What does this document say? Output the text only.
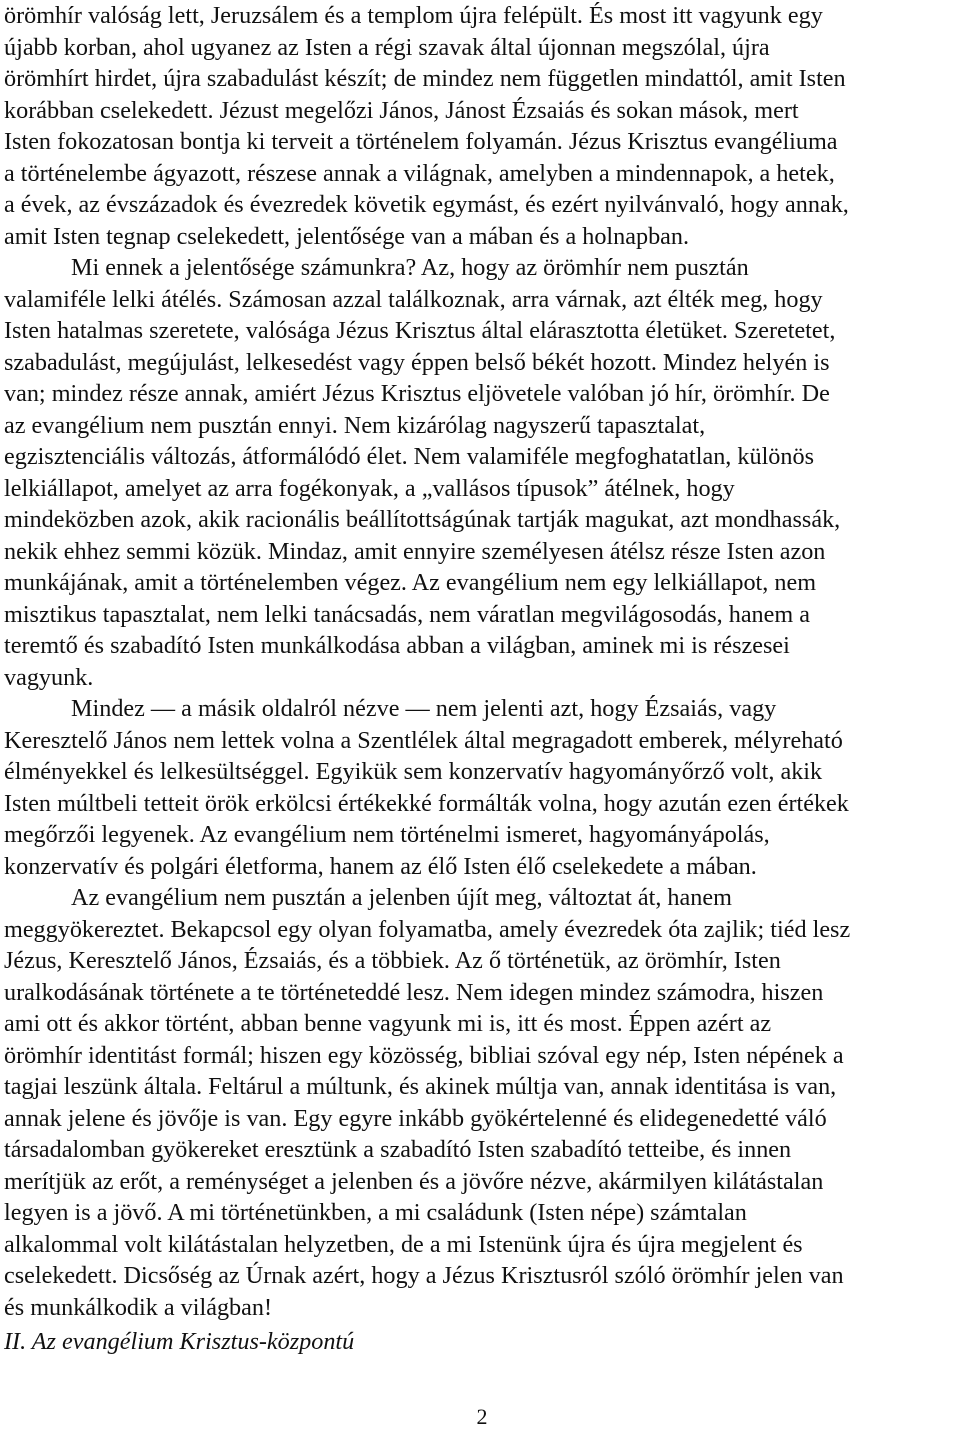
örömhír valóság lett, Jeruzsálem és a templom újra felépült. És most itt vagyunk egy
újabb korban, ahol ugyanez az Isten a régi szavak által újonnan megszólal, újra
örömhírt hirdet, újra szabadulást készít; de mindez nem független mindattól, amit Isten
korábban cselekedett. Jézust megelőzi János, Jánost Ézsaiás és sokan mások, mert
Isten fokozatosan bontja ki terveit a történelem folyamán. Jézus Krisztus evangéliuma
a történelembe ágyazott, részese annak a világnak, amelyben a mindennapok, a hetek,
a évek, az évszázadok és évezredek követik egymást, és ezért nyilvánvaló, hogy annak,
amit Isten tegnap cselekedett, jelentősége van a mában és a holnapban.
Mi ennek a jelentősége számunkra? Az, hogy az örömhír nem pusztán
valamiféle lelki átélés. Számosan azzal találkoznak, arra várnak, azt élték meg, hogy
Isten hatalmas szeretete, valósága Jézus Krisztus által elárasztotta életüket. Szeretetet,
szabadulást, megújulást, lelkesedést vagy éppen belső békét hozott. Mindez helyén is
van; mindez része annak, amiért Jézus Krisztus eljövetele valóban jó hír, örömhír. De
az evangélium nem pusztán ennyi. Nem kizárólag nagyszerű tapasztalat,
egzisztenciális változás, átformálódó élet. Nem valamiféle megfoghatatlan, különös
lelkiállapot, amelyet az arra fogékonyak, a „vallásos típusok” átélnek, hogy
mindeközben azok, akik racionális beállítottságúnak tartják magukat, azt mondhassák,
nekik ehhez semmi közük. Mindaz, amit ennyire személyesen átélsz része Isten azon
munkájának, amit a történelemben végez. Az evangélium nem egy lelkiállapot, nem
misztikus tapasztalat, nem lelki tanácsadás, nem váratlan megvilágosodás, hanem a
teremtő és szabadító Isten munkálkodása abban a világban, aminek mi is részesei
vagyunk.
Mindez — a másik oldalról nézve — nem jelenti azt, hogy Ézsaiás, vagy
Keresztelő János nem lettek volna a Szentlélek által megragadott emberek, mélyreható
élményekkel és lelkesültséggel. Egyikük sem konzervatív hagyományőrző volt, akik
Isten múltbeli tetteit örök erkölcsi értékekké formálták volna, hogy azután ezen értékek
megőrzői legyenek. Az evangélium nem történelmi ismeret, hagyományápolás,
konzervatív és polgári életforma, hanem az élő Isten élő cselekedete a mában.
Az evangélium nem pusztán a jelenben újít meg, változtat át, hanem
meggyökereztet. Bekapcsol egy olyan folyamatba, amely évezredek óta zajlik; tiéd lesz
Jézus, Keresztelő János, Ézsaiás, és a többiek. Az ő történetük, az örömhír, Isten
uralkodásának története a te történeteddé lesz. Nem idegen mindez számodra, hiszen
ami ott és akkor történt, abban benne vagyunk mi is, itt és most. Éppen azért az
örömhír identitást formál; hiszen egy közösség, bibliai szóval egy nép, Isten népének a
tagjai leszünk általa. Feltárul a múltunk, és akinek múltja van, annak identitása is van,
annak jelene és jövője is van. Egy egyre inkább gyökértelenné és elidegenedetté váló
társadalomban gyökereket eresztünk a szabadító Isten szabadító tetteibe, és innen
merítjük az erőt, a reménységet a jelenben és a jövőre nézve, akármilyen kilátástalan
legyen is a jövő. A mi történetünkben, a mi családunk (Isten népe) számtalan
alkalommal volt kilátástalan helyzetben, de a mi Istenünk újra és újra megjelent és
cselekedett. Dicsőség az Úrnak azért, hogy a Jézus Krisztusról szóló örömhír jelen van
és munkálkodik a világban!
II. Az evangélium Krisztus-központú
2
